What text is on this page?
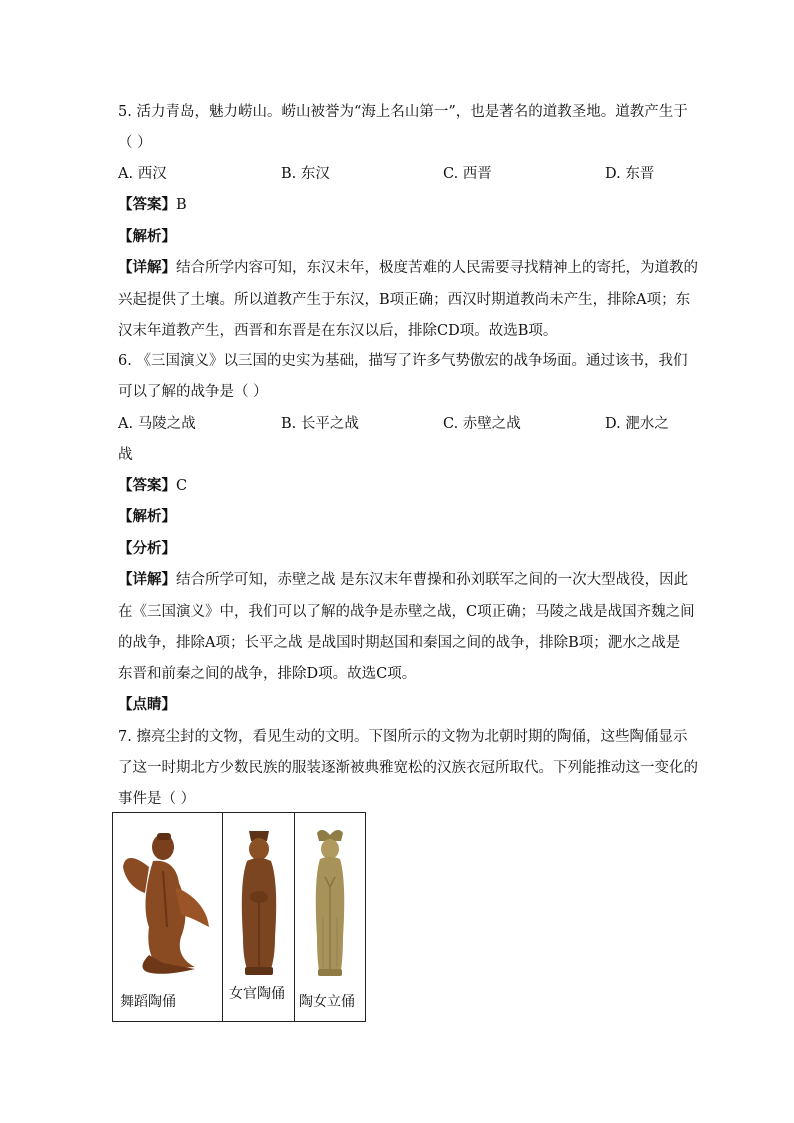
5. 活力青岛，魅力崂山。崂山被誉为“海上名山第一”，也是著名的道教圣地。道教产生于
（ ）
A. 西汉	B. 东汉	C. 西晋	D. 东晋
【答案】B
【解析】
【详解】结合所学内容可知，东汉末年，极度苦难的人民需要寻找精神上的寄托，为道教的
兴起提供了土壤。所以道教产生于东汉，B项正确；西汉时期道教尚未产生，排除A项；东
汉末年道教产生，西晋和东晋是在东汉以后，排除CD项。故选B项。
6. 《三国演义》以三国的史实为基础，描写了许多气势傲宏的战争场面。通过该书，我们
可以了解的战争是（ ）
A. 马陵之战	B. 长平之战	C. 赤壁之战	D. 淝水之
战
【答案】C
【解析】
【分析】
【详解】结合所学可知，赤壁之战 是东汉末年曹操和孙刘联军之间的一次大型战役，因此
在《三国演义》中，我们可以了解的战争是赤壁之战，C项正确；马陵之战是战国齐魏之间
的战争，排除A项；长平之战 是战国时期赵国和秦国之间的战争，排除B项；淝水之战是
东晋和前秦之间的战争，排除D项。故选C项。
【点睛】
7. 擦亮尘封的文物，看见生动的文明。下图所示的文物为北朝时期的陶俑，这些陶俑显示
了这一时期北方少数民族的服装逐渐被典雅宽松的汉族衣冠所取代。下列能推动这一变化的
事件是（ ）
舞蹈陶俑	女官陶俑 陶女立俑
